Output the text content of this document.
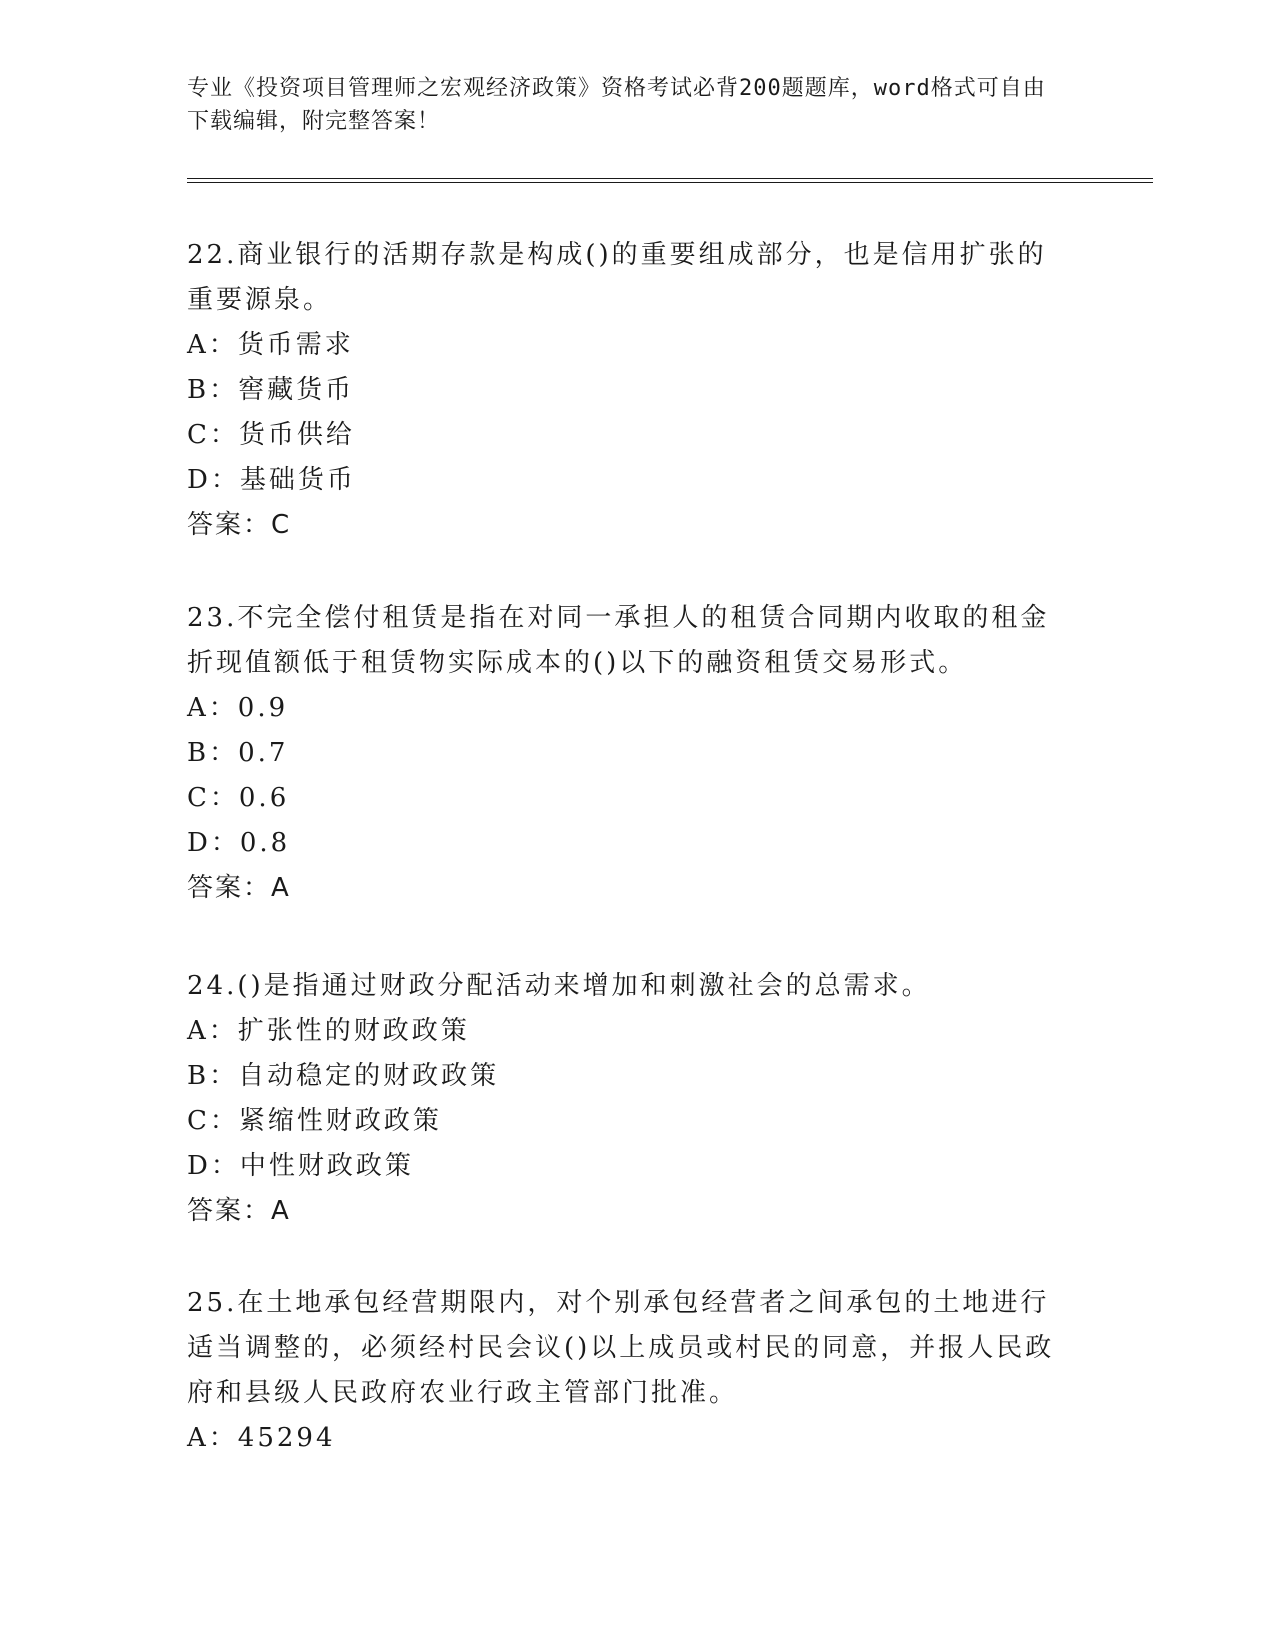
专业《投资项目管理师之宏观经济政策》资格考试必背200题题库，word格式可自由下载编辑，附完整答案！

22.商业银行的活期存款是构成()的重要组成部分，也是信用扩张的重要源泉。

A：货币需求

B：窖藏货币

C：货币供给

D：基础货币

答案：C

23.不完全偿付租赁是指在对同一承担人的租赁合同期内收取的租金折现值额低于租赁物实际成本的()以下的融资租赁交易形式。

A：0.9

B：0.7

C：0.6

D：0.8

答案：A

24.()是指通过财政分配活动来增加和刺激社会的总需求。

A：扩张性的财政政策

B：自动稳定的财政政策

C：紧缩性财政政策

D：中性财政政策

答案：A

25.在土地承包经营期限内，对个别承包经营者之间承包的土地进行适当调整的，必须经村民会议()以上成员或村民的同意，并报人民政府和县级人民政府农业行政主管部门批准。

A：45294
